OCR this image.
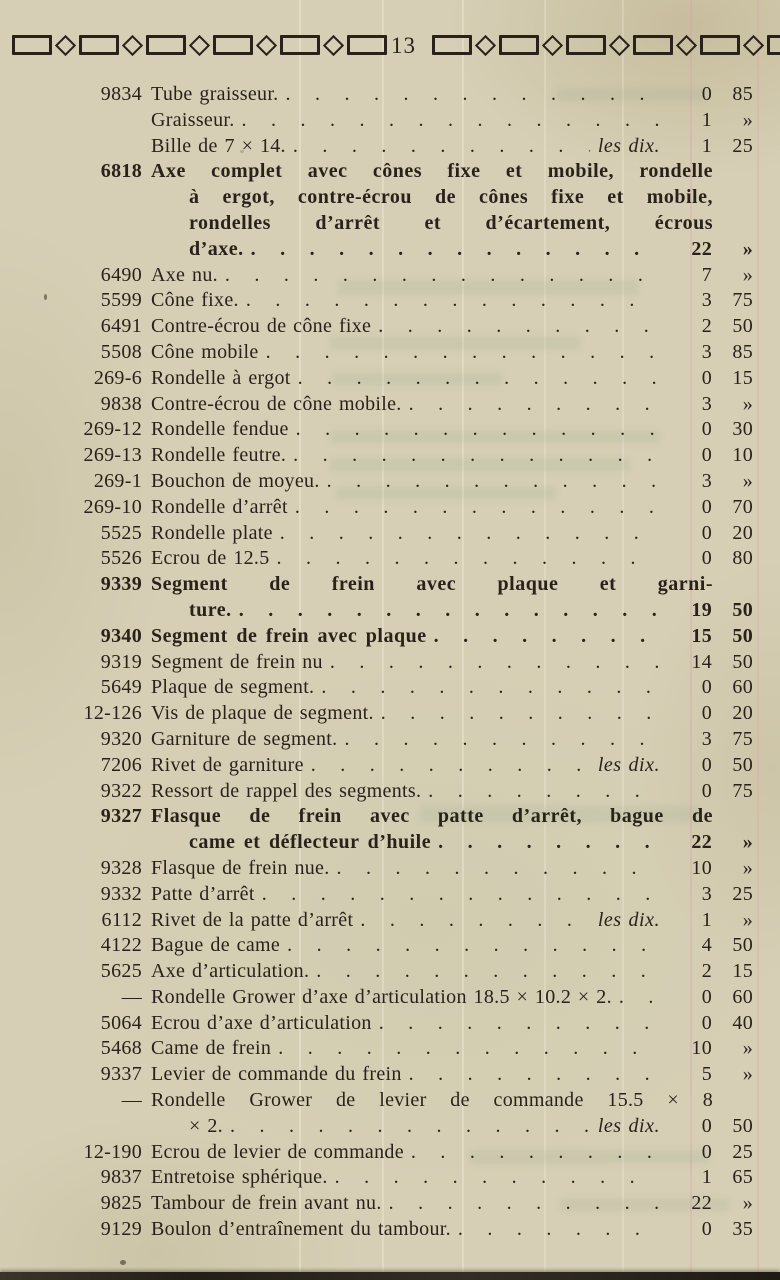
13
9834 Tube graisseur. . . .	0	85
Graisseur. . . .	1	»
Bille de 7 × 14. . . .	les dix.	1	25
6818 Axe complet avec cônes fixe et mobile, rondelle
à ergot, contre-écrou de cônes fixe et mobile,
rondelles d’arrêt et d’écartement, écrous
d’axe. . . .	22	»
6490 Axe nu. . . .	7	»
5599 Cône fixe. . . .	3	75
6491 Contre-écrou de cône fixe . . .	2	50
5508 Cône mobile . . .	3	85
269-6 Rondelle à ergot . . .	0	15
9838 Contre-écrou de cône mobile. . . .	3	»
269-12 Rondelle fendue . . .	0	30
269-13 Rondelle feutre. . . .	0	10
269-1 Bouchon de moyeu. . . .	3	»
269-10 Rondelle d’arrêt . . .	0	70
5525 Rondelle plate . . .	0	20
5526 Ecrou de 12.5 . . .	0	80
9339 Segment de frein avec plaque et garni-
ture. . . .	19	50
9340 Segment de frein avec plaque . . .	15	50
9319 Segment de frein nu . . .	14	50
5649 Plaque de segment. . . .	0	60
12-126 Vis de plaque de segment. . . .	0	20
9320 Garniture de segment. . . .	3	75
7206 Rivet de garniture . . .	les dix.	0	50
9322 Ressort de rappel des segments. . . .	0	75
9327 Flasque de frein avec patte d’arrêt, bague de
came et déflecteur d’huile . . .	22	»
9328 Flasque de frein nue. . . .	10	»
9332 Patte d’arrêt . . .	3	25
6112 Rivet de la patte d’arrêt . . .	les dix.	1	»
4122 Bague de came . . .	4	50
5625 Axe d’articulation. . . .	2	15
— Rondelle Grower d’axe d’articulation 18.5 × 10.2 × 2. . . .	0	60
5064 Ecrou d’axe d’articulation . . .	0	40
5468 Came de frein . . .	10	»
9337 Levier de commande du frein . . .	5	»
— Rondelle Grower de levier de commande 15.5 × 8
× 2. . . .	les dix.	0	50
12-190 Ecrou de levier de commande . . .	0	25
9837 Entretoise sphérique. . . .	1	65
9825 Tambour de frein avant nu. . . .	22	»
9129 Boulon d’entraînement du tambour. . . .	0	35
